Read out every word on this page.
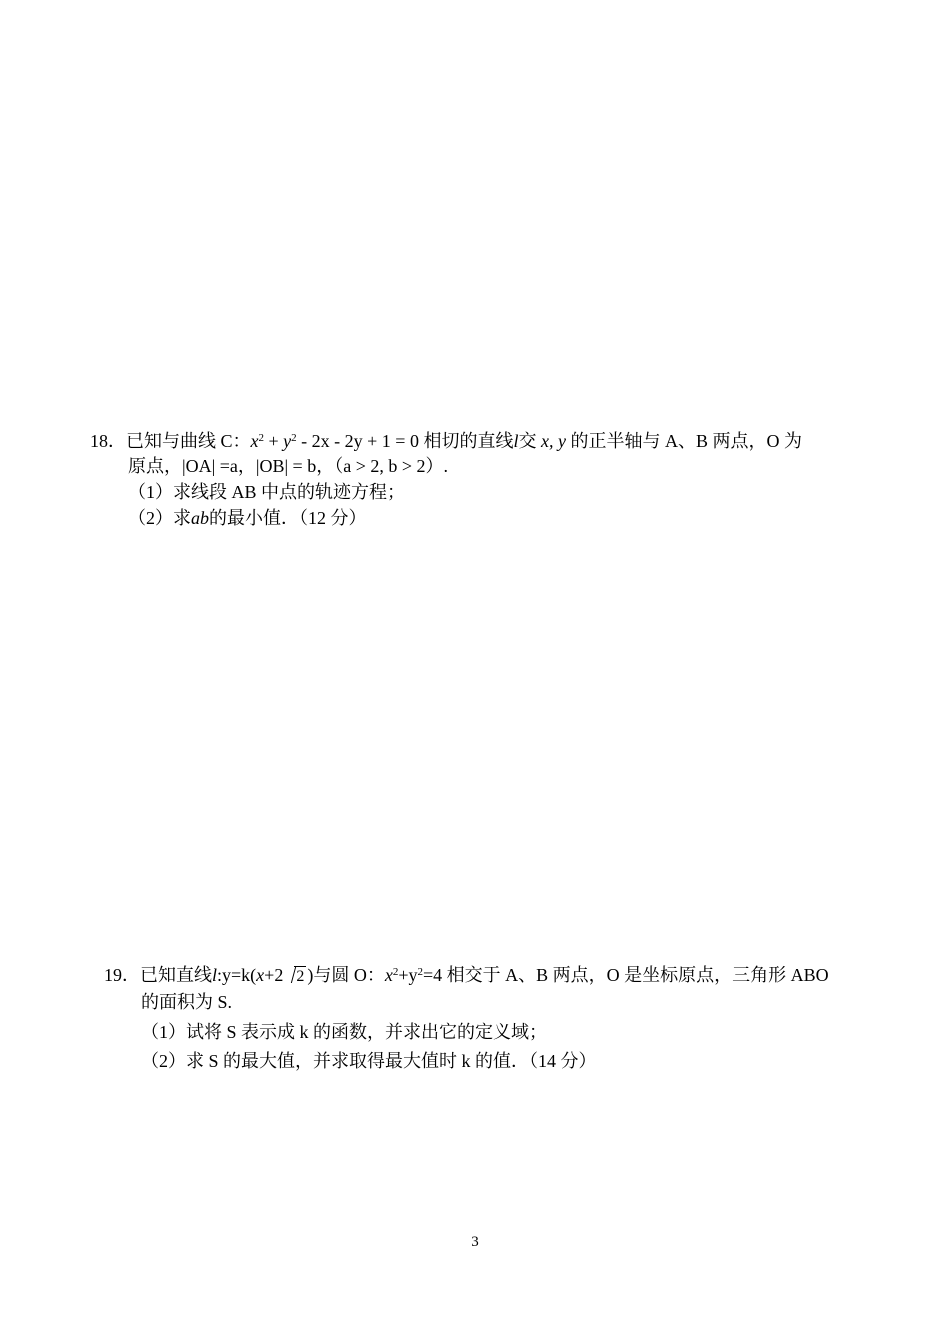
18．已知与曲线 C：$x^2 + y^2 - 2x - 2y + 1 = 0$ 相切的直线l交 x, y 的正半轴与 A、B 两点，O 为
原点，|OA| =a，|OB| = b，（a > 2, b > 2）.
（1）求线段 AB 中点的轨迹方程；
（2）求ab的最小值．（12 分）
19．已知直线l:y=k(x+2 2 )与圆 O：$x^2+y^2=4$ 相交于 A、B 两点，O 是坐标原点，三角形 ABO
的面积为 S.
（1）试将 S 表示成 k 的函数，并求出它的定义域；
（2）求 S 的最大值，并求取得最大值时 k 的值．（14 分）
3
